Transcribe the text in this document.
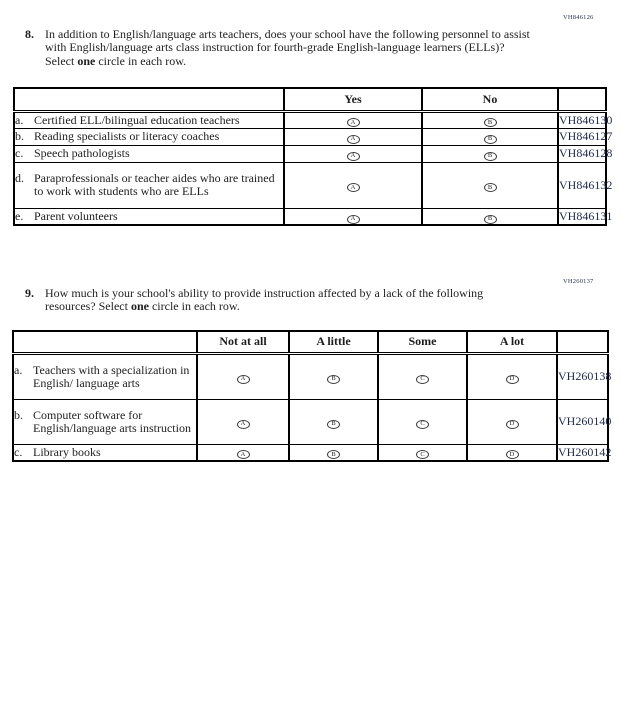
VH846126
8. In addition to English/language arts teachers, does your school have the following personnel to assist with English/language arts class instruction for fourth-grade English-language learners (ELLs)? Select one circle in each row.
	Yes	No	

a. Certified ELL/bilingual education teachers	A	B	VH846130

b. Reading specialists or literacy coaches	A	B	VH846127

c. Speech pathologists	A	B	VH846128

d. Paraprofessionals or teacher aides who are trained to work with students who are ELLs	A	B	VH846132

e. Parent volunteers	A	B	VH846131
VH260137
9. How much is your school's ability to provide instruction affected by a lack of the following resources? Select one circle in each row.
	Not at all	A little	Some	A lot	

a. Teachers with a specialization in English/ language arts	A	B	C	D	VH260138

b. Computer software for English/language arts instruction	A	B	C	D	VH260140

c. Library books	A	B	C	D	VH260142
